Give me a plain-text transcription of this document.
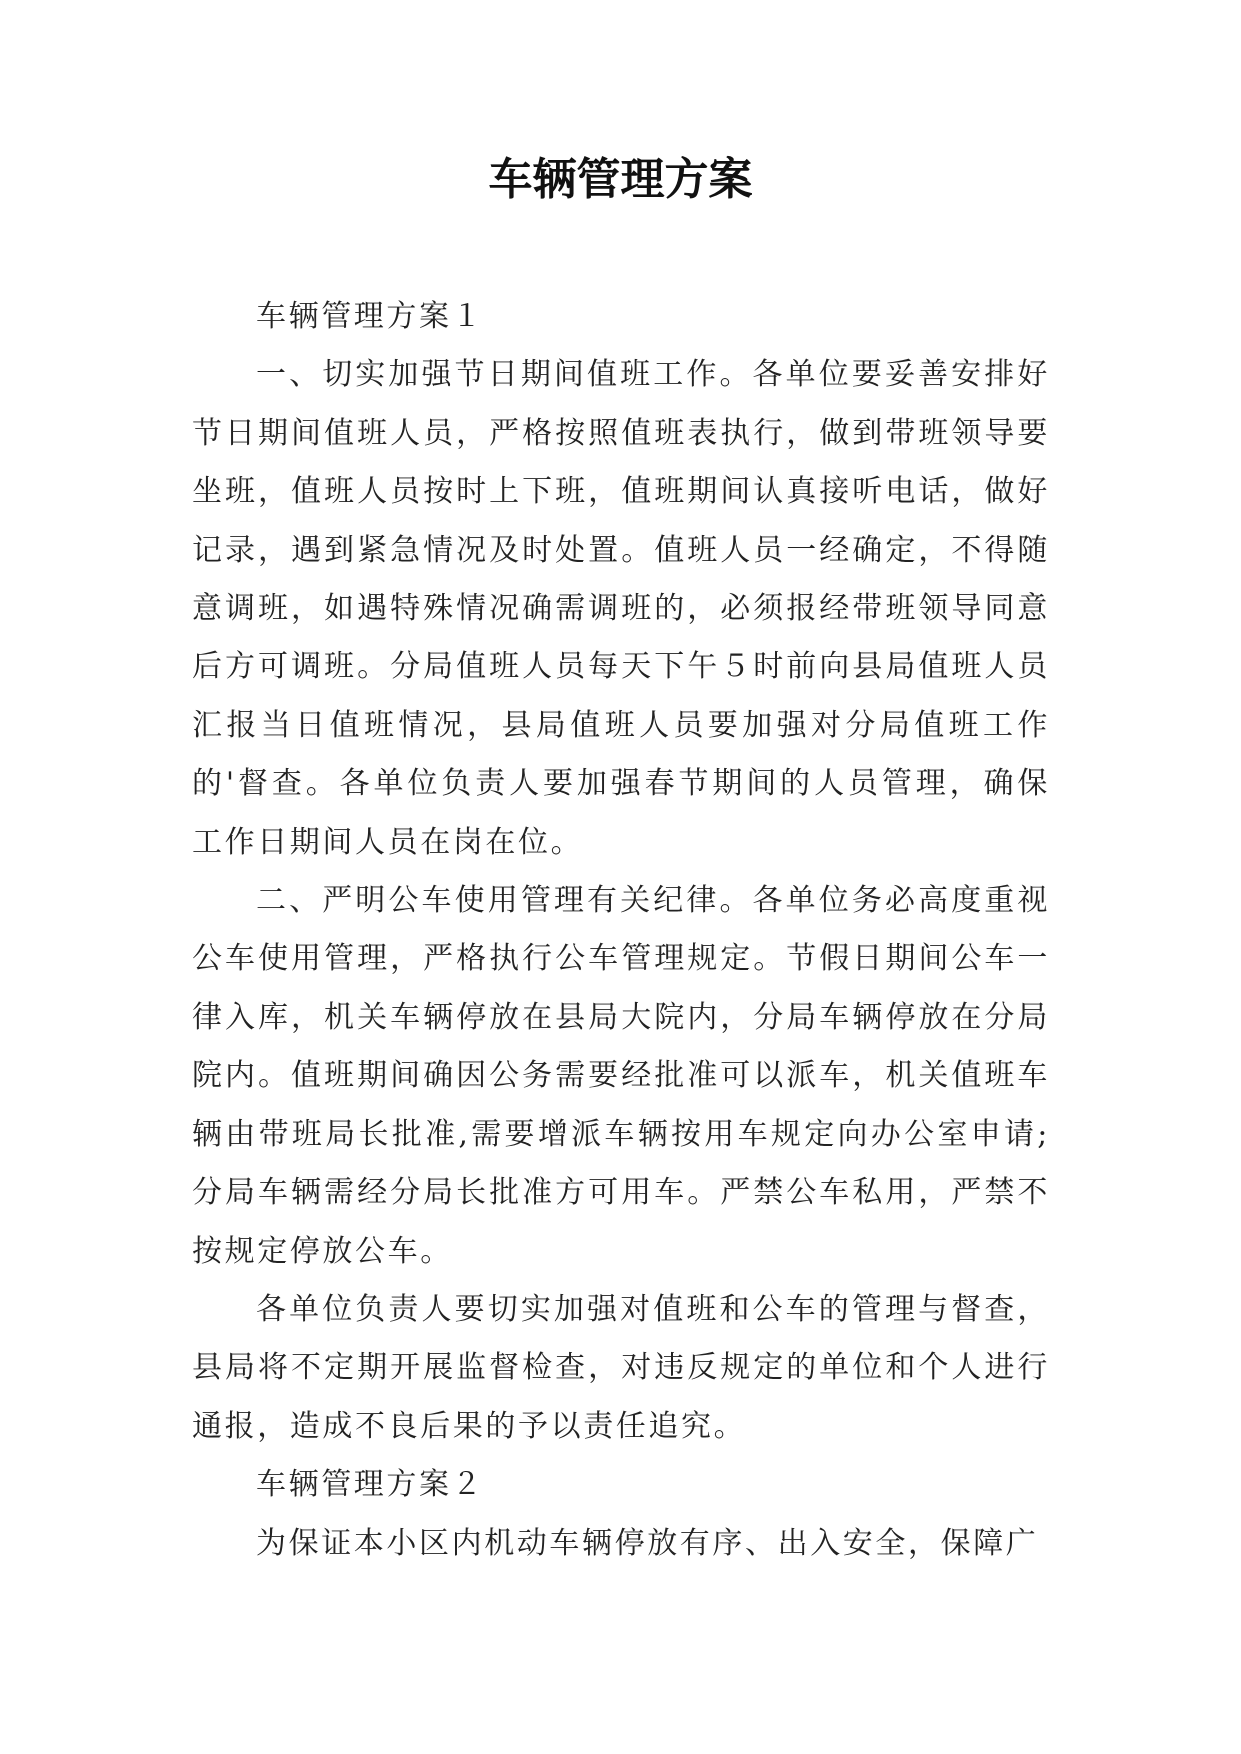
车辆管理方案

车辆管理方案１

一、切实加强节日期间值班工作。各单位要妥善安排好节日期间值班人员，严格按照值班表执行，做到带班领导要坐班，值班人员按时上下班，值班期间认真接听电话，做好记录，遇到紧急情况及时处置。值班人员一经确定，不得随意调班，如遇特殊情况确需调班的，必须报经带班领导同意后方可调班。分局值班人员每天下午５时前向县局值班人员汇报当日值班情况，县局值班人员要加强对分局值班工作的'督查。各单位负责人要加强春节期间的人员管理，确保工作日期间人员在岗在位。

二、严明公车使用管理有关纪律。各单位务必高度重视公车使用管理，严格执行公车管理规定。节假日期间公车一律入库，机关车辆停放在县局大院内，分局车辆停放在分局院内。值班期间确因公务需要经批准可以派车，机关值班车辆由带班局长批准,需要增派车辆按用车规定向办公室申请;分局车辆需经分局长批准方可用车。严禁公车私用，严禁不按规定停放公车。

各单位负责人要切实加强对值班和公车的管理与督查，县局将不定期开展监督检查，对违反规定的单位和个人进行通报，造成不良后果的予以责任追究。

车辆管理方案２

为保证本小区内机动车辆停放有序、出入安全，保障广
